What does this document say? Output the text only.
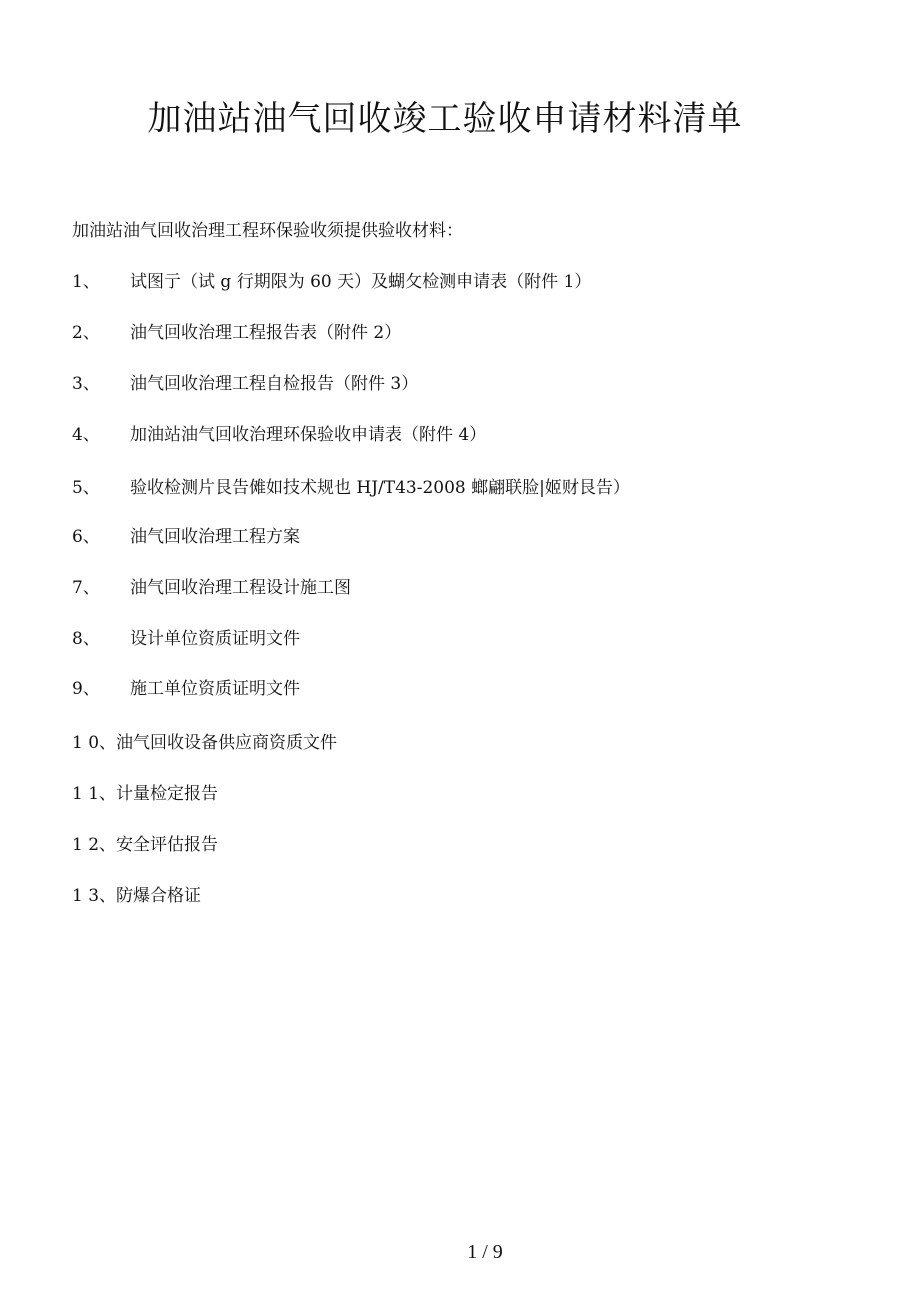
加油站油气回收竣工验收申请材料清单
加油站油气回收治理工程环保验收须提供验收材料：
1、 试图亍（试 g 行期限为 60 天）及蝴攵检测申请表（附件 1）
2、 油气回收治理工程报告表（附件 2）
3、 油气回收治理工程自检报告（附件 3）
4、 加油站油气回收治理环保验收申请表（附件 4）
5、 验收检测片艮告傩如技术规也 HJ/T43-2008 螂翩联脸|姬财艮告）
6、 油气回收治理工程方案
7、 油气回收治理工程设计施工图
8、 设计单位资质证明文件
9、 施工单位资质证明文件
1 0、油气回收设备供应商资质文件
1 1、计量检定报告
1 2、安全评估报告
1 3、防爆合格证
1 / 9
